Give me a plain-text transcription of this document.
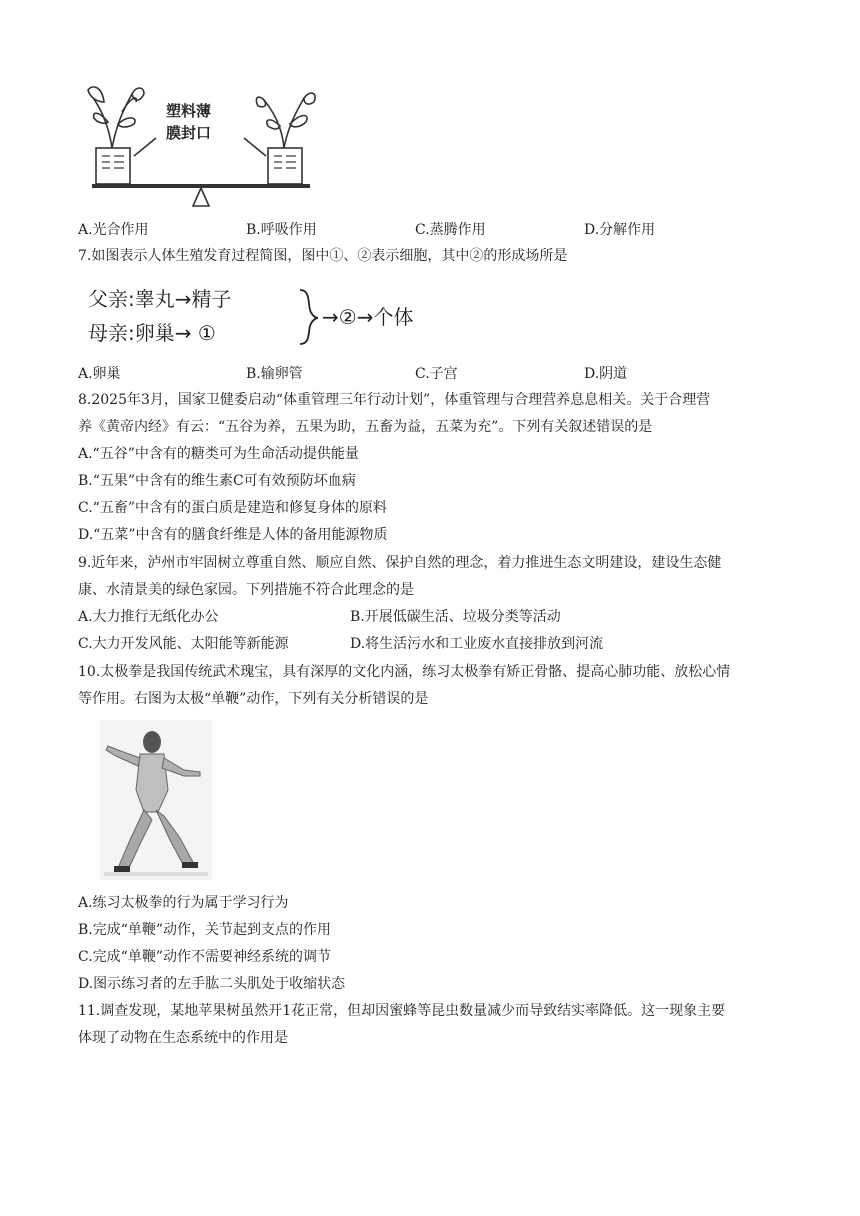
塑料薄
膜封口
A.光合作用	B.呼吸作用	C.蒸腾作用	D.分解作用
7.如图表示人体生殖发育过程简图，图中①、②表示细胞，其中②的形成场所是
父亲:睾丸→精子
母亲:卵巢→ ①
→②→个体
A.卵巢	B.输卵管	C.子宫	D.阴道
8.2025年3月，国家卫健委启动“体重管理三年行动计划”，体重管理与合理营养息息相关。关于合理营
养《黄帝内经》有云：“五谷为养，五果为助，五畜为益，五菜为充”。下列有关叙述错误的是
A.“五谷”中含有的糖类可为生命活动提供能量
B.“五果”中含有的维生素C可有效预防坏血病
C.“五畜”中含有的蛋白质是建造和修复身体的原料
D.“五菜”中含有的膳食纤维是人体的备用能源物质
9.近年来，泸州市牢固树立尊重自然、顺应自然、保护自然的理念，着力推进生态文明建设，建设生态健
康、水清景美的绿色家园。下列措施不符合此理念的是
A.大力推行无纸化办公	B.开展低碳生活、垃圾分类等活动
C.大力开发风能、太阳能等新能源	D.将生活污水和工业废水直接排放到河流
10.太极拳是我国传统武术瑰宝，具有深厚的文化内涵，练习太极拳有矫正骨骼、提高心肺功能、放松心情
等作用。右图为太极“单鞭”动作，下列有关分析错误的是
A.练习太极拳的行为属于学习行为
B.完成“单鞭”动作，关节起到支点的作用
C.完成“单鞭”动作不需要神经系统的调节
D.图示练习者的左手肱二头肌处于收缩状态
11.调查发现，某地苹果树虽然开1花正常，但却因蜜蜂等昆虫数量减少而导致结实率降低。这一现象主要
体现了动物在生态系统中的作用是
